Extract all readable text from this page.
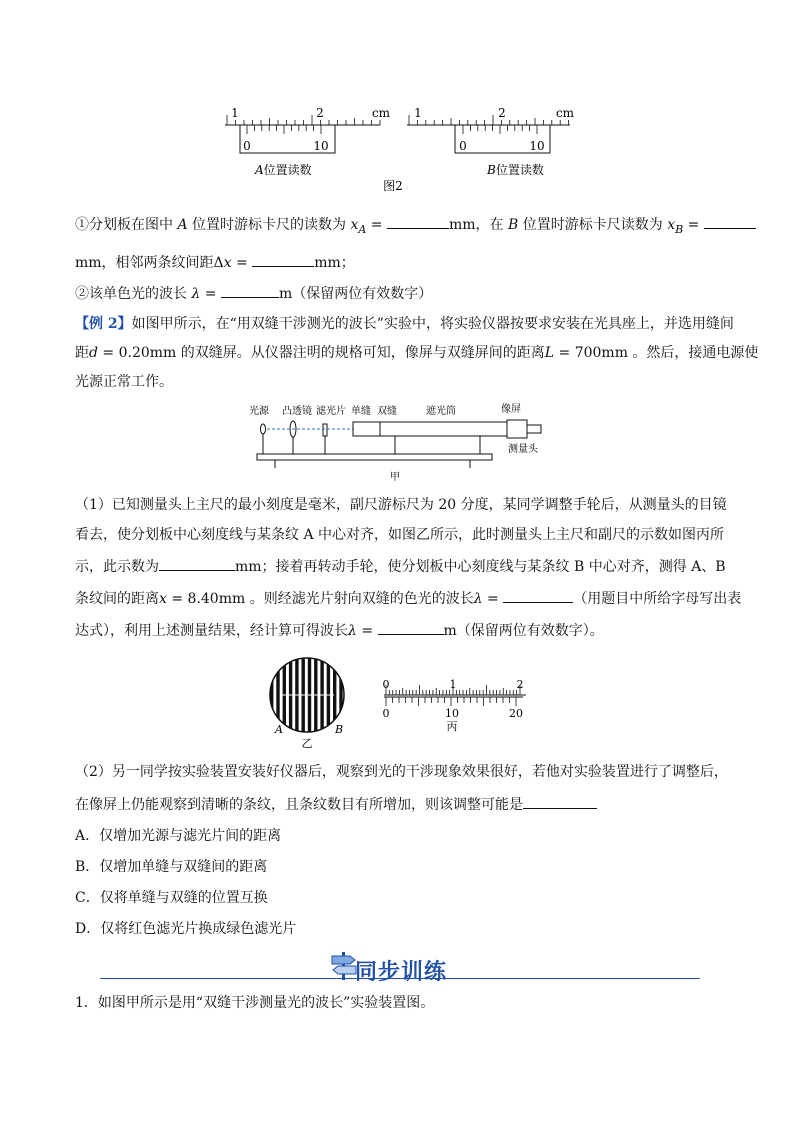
1	2	cm
0	10
A位置读数
1	2	cm
0	10
B位置读数
图2
①分划板在图中 A 位置时游标卡尺的读数为 $x_A$ =	mm，在 B 位置时游标卡尺读数为 $x_B$ =
mm，相邻两条纹间距Δx =	mm；
②该单色光的波长 λ =	m（保留两位有效数字）
【例 2】如图甲所示，在“用双缝干涉测光的波长”实验中，将实验仪器按要求安装在光具座上，并选用缝间
距d = 0.20mm 的双缝屏。从仪器注明的规格可知，像屏与双缝屏间的距离L = 700mm 。然后，接通电源使
光源正常工作。
光源 凸透镜 滤光片 单缝 双缝	遮光筒	像屏
测量头
甲
（1）已知测量头上主尺的最小刻度是毫米，副尺游标尺为 20 分度，某同学调整手轮后，从测量头的目镜
看去，使分划板中心刻度线与某条纹 A 中心对齐，如图乙所示，此时测量头上主尺和副尺的示数如图丙所
示，此示数为	mm；接着再转动手轮，使分划板中心刻度线与某条纹 B 中心对齐，测得 A、B
条纹间的距离x = 8.40mm 。则经滤光片射向双缝的色光的波长λ =	（用题目中所给字母写出表
达式），利用上述测量结果，经计算可得波长λ =	m（保留两位有效数字）。
A	B
乙
0	1	2
0	10	20
丙
（2）另一同学按实验装置安装好仪器后，观察到光的干涉现象效果很好，若他对实验装置进行了调整后，
在像屏上仍能观察到清晰的条纹，且条纹数目有所增加，则该调整可能是
A．仅增加光源与滤光片间的距离
B．仅增加单缝与双缝间的距离
C．仅将单缝与双缝的位置互换
D．仅将红色滤光片换成绿色滤光片
同步训练
1．如图甲所示是用“双缝干涉测量光的波长”实验装置图。
